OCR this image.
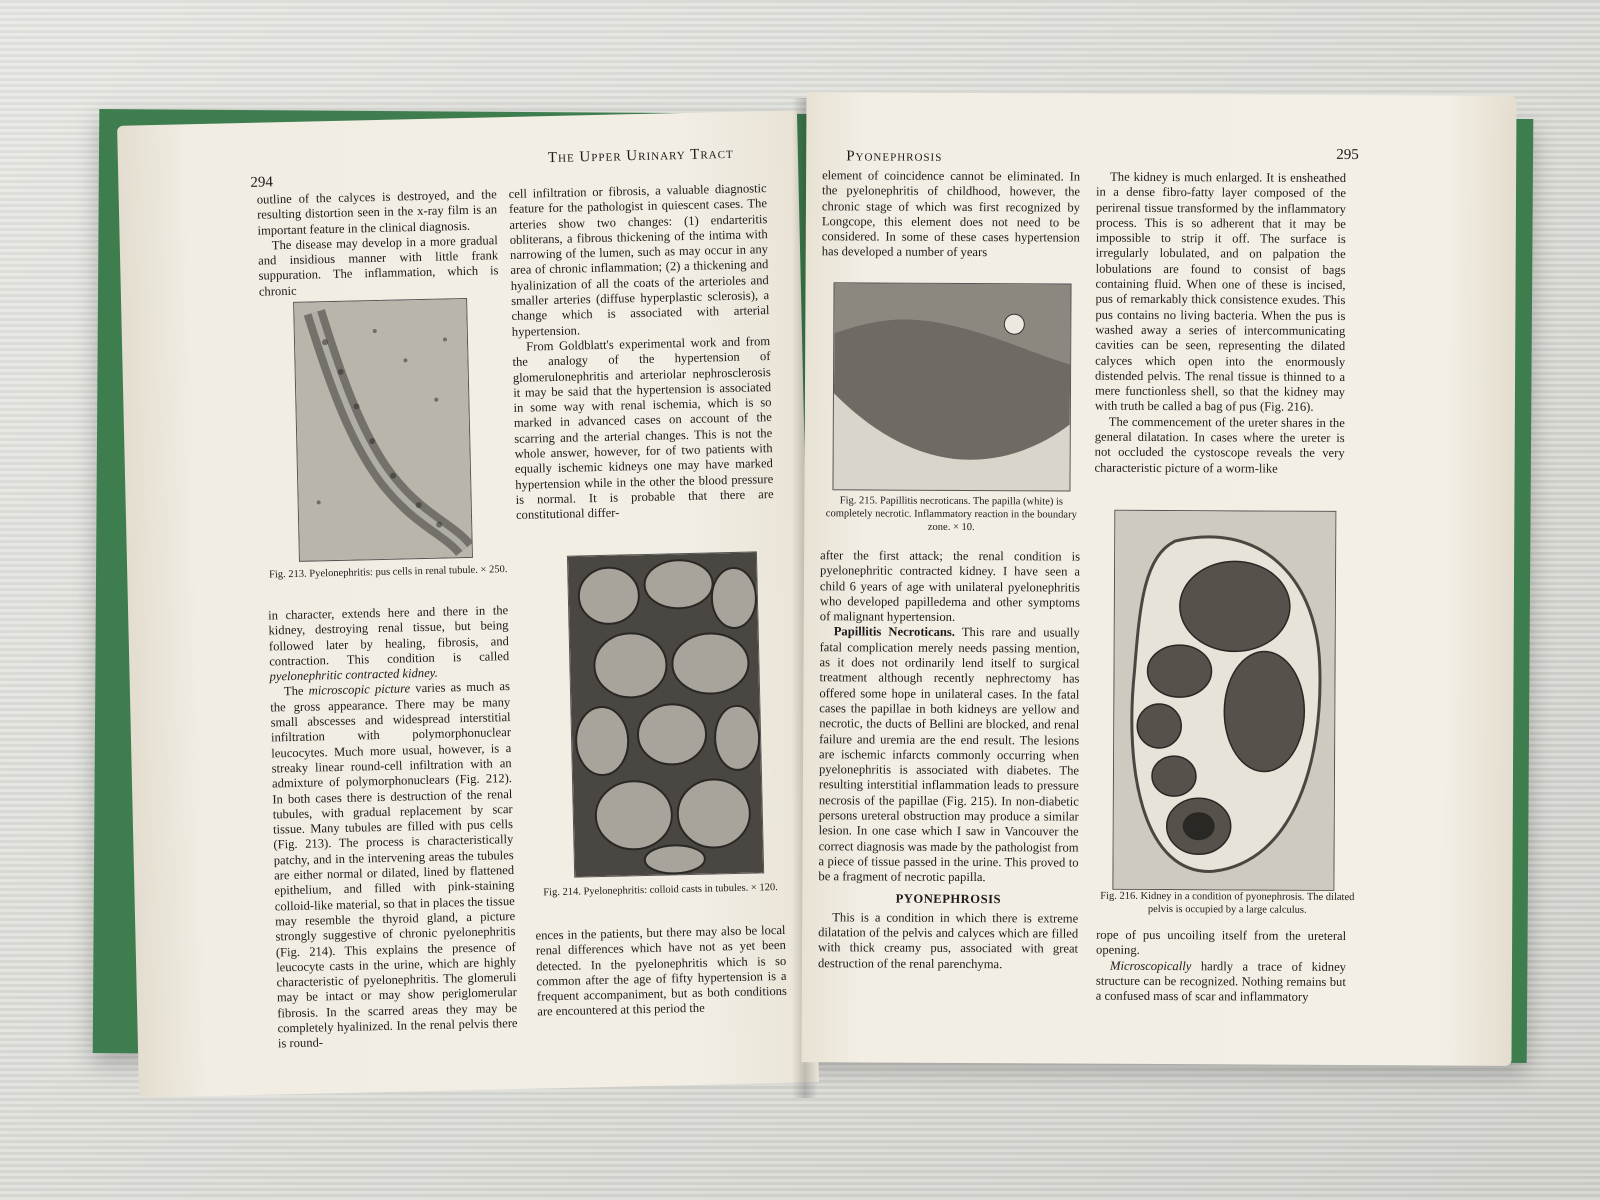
294
The Upper Urinary Tract

outline of the calyces is destroyed, and the resulting distortion seen in the x-ray film is an important feature in the clinical diagnosis.

The disease may develop in a more gradual and insidious manner with little frank suppuration. The inflammation, which is chronic

Fig. 213. Pyelonephritis: pus cells in renal tubule. × 250.

in character, extends here and there in the kidney, destroying renal tissue, but being followed later by healing, fibrosis, and contraction. This condition is called pyelonephritic contracted kidney.

The microscopic picture varies as much as the gross appearance. There may be many small abscesses and widespread interstitial infiltration with polymorphonuclear leucocytes. Much more usual, however, is a streaky linear round-cell infiltration with an admixture of polymorphonuclears (Fig. 212). In both cases there is destruction of the renal tubules, with gradual replacement by scar tissue. Many tubules are filled with pus cells (Fig. 213). The process is characteristically patchy, and in the intervening areas the tubules are either normal or dilated, lined by flattened epithelium, and filled with pink-staining colloid-like material, so that in places the tissue may resemble the thyroid gland, a picture strongly suggestive of chronic pyelonephritis (Fig. 214). This explains the presence of leucocyte casts in the urine, which are highly characteristic of pyelonephritis. The glomeruli may be intact or may show periglomerular fibrosis. In the scarred areas they may be completely hyalinized. In the renal pelvis there is round-

cell infiltration or fibrosis, a valuable diagnostic feature for the pathologist in quiescent cases. The arteries show two changes: (1) endarteritis obliterans, a fibrous thickening of the intima with narrowing of the lumen, such as may occur in any area of chronic inflammation; (2) a thickening and hyalinization of all the coats of the arterioles and smaller arteries (diffuse hyperplastic sclerosis), a change which is associated with arterial hypertension.

From Goldblatt's experimental work and from the analogy of the hypertension of glomerulonephritis and arteriolar nephrosclerosis it may be said that the hypertension is associated in some way with renal ischemia, which is so marked in advanced cases on account of the scarring and the arterial changes. This is not the whole answer, however, for of two patients with equally ischemic kidneys one may have marked hypertension while in the other the blood pressure is normal. It is probable that there are constitutional differ-

Fig. 214. Pyelonephritis: colloid casts in tubules. × 120.

ences in the patients, but there may also be local renal differences which have not as yet been detected. In the pyelonephritis which is so common after the age of fifty hypertension is a frequent accompaniment, but as both conditions are encountered at this period the

Pyonephrosis	295

element of coincidence cannot be eliminated. In the pyelonephritis of childhood, however, the chronic stage of which was first recognized by Longcope, this element does not need to be considered. In some of these cases hypertension has developed a number of years

Fig. 215. Papillitis necroticans. The papilla (white) is completely necrotic. Inflammatory reaction in the boundary zone. × 10.

after the first attack; the renal condition is pyelonephritic contracted kidney. I have seen a child 6 years of age with unilateral pyelonephritis who developed papilledema and other symptoms of malignant hypertension.

Papillitis Necroticans. This rare and usually fatal complication merely needs passing mention, as it does not ordinarily lend itself to surgical treatment although recently nephrectomy has offered some hope in unilateral cases. In the fatal cases the papillae in both kidneys are yellow and necrotic, the ducts of Bellini are blocked, and renal failure and uremia are the end result. The lesions are ischemic infarcts commonly occurring when pyelonephritis is associated with diabetes. The resulting interstitial inflammation leads to pressure necrosis of the papillae (Fig. 215). In non-diabetic persons ureteral obstruction may produce a similar lesion. In one case which I saw in Vancouver the correct diagnosis was made by the pathologist from a piece of tissue passed in the urine. This proved to be a fragment of necrotic papilla.

PYONEPHROSIS

This is a condition in which there is extreme dilatation of the pelvis and calyces which are filled with thick creamy pus, associated with great destruction of the renal parenchyma.

The kidney is much enlarged. It is ensheathed in a dense fibro-fatty layer composed of the perirenal tissue transformed by the inflammatory process. This is so adherent that it may be impossible to strip it off. The surface is irregularly lobulated, and on palpation the lobulations are found to consist of bags containing fluid. When one of these is incised, pus of remarkably thick consistence exudes. This pus contains no living bacteria. When the pus is washed away a series of intercommunicating cavities can be seen, representing the dilated calyces which open into the enormously distended pelvis. The renal tissue is thinned to a mere functionless shell, so that the kidney may with truth be called a bag of pus (Fig. 216).

The commencement of the ureter shares in the general dilatation. In cases where the ureter is not occluded the cystoscope reveals the very characteristic picture of a worm-like

Fig. 216. Kidney in a condition of pyonephrosis. The dilated pelvis is occupied by a large calculus.

rope of pus uncoiling itself from the ureteral opening.

Microscopically hardly a trace of kidney structure can be recognized. Nothing remains but a confused mass of scar and inflammatory
